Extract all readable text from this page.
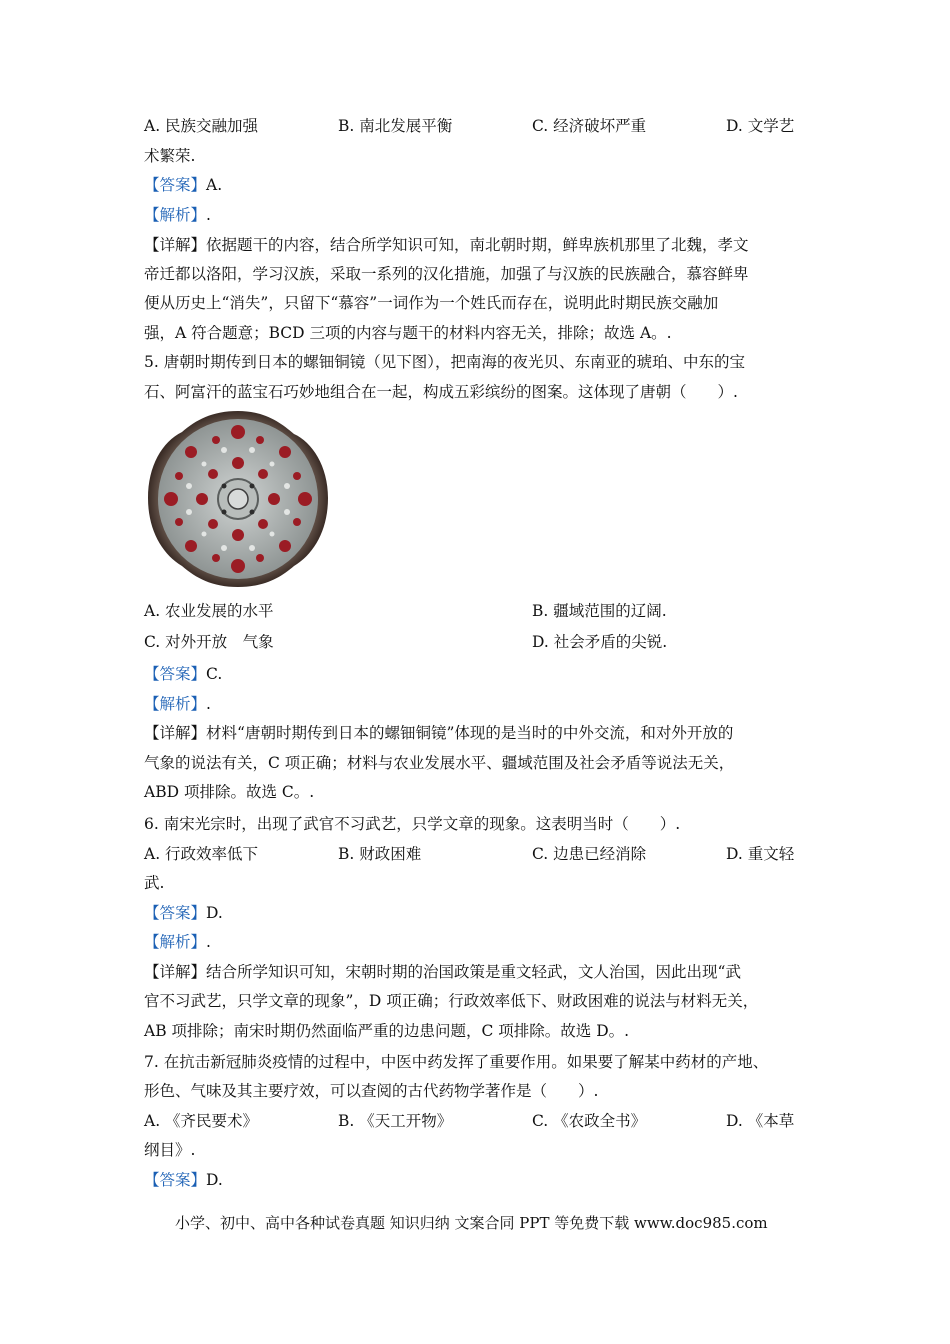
A. 民族交融加强	B. 南北发展平衡	C. 经济破坏严重	D. 文学艺
术繁荣.
【答案】A.
【解析】.
【详解】依据题干的内容，结合所学知识可知，南北朝时期，鲜卑族机那里了北魏，孝文
帝迁都以洛阳，学习汉族，采取一系列的汉化措施，加强了与汉族的民族融合，慕容鲜卑
便从历史上“消失”，只留下“慕容”一词作为一个姓氏而存在，说明此时期民族交融加
强，A 符合题意；BCD 三项的内容与题干的材料内容无关，排除；故选 A。.
5. 唐朝时期传到日本的螺钿铜镜（见下图），把南海的夜光贝、东南亚的琥珀、中东的宝
石、阿富汗的蓝宝石巧妙地组合在一起，构成五彩缤纷的图案。这体现了唐朝（　　）.
A. 农业发展的水平	B. 疆域范围的辽阔.
C. 对外开放　气象	D. 社会矛盾的尖锐.
【答案】C.
【解析】.
【详解】材料“唐朝时期传到日本的螺钿铜镜”体现的是当时的中外交流，和对外开放的
气象的说法有关，C 项正确；材料与农业发展水平、疆域范围及社会矛盾等说法无关，
ABD 项排除。故选 C。.
6. 南宋光宗时，出现了武官不习武艺，只学文章的现象。这表明当时（　　）.
A. 行政效率低下	B. 财政困难	C. 边患已经消除	D. 重文轻
武.
【答案】D.
【解析】.
【详解】结合所学知识可知，宋朝时期的治国政策是重文轻武，文人治国，因此出现“武
官不习武艺，只学文章的现象”，D 项正确；行政效率低下、财政困难的说法与材料无关，
AB 项排除；南宋时期仍然面临严重的边患问题，C 项排除。故选 D。.
7. 在抗击新冠肺炎疫情的过程中，中医中药发挥了重要作用。如果要了解某中药材的产地、
形色、气味及其主要疗效，可以查阅的古代药物学著作是（　　）.
A. 《齐民要术》	B. 《天工开物》	C. 《农政全书》	D. 《本草
纲目》.
【答案】D.
小学、初中、高中各种试卷真题 知识归纳 文案合同 PPT 等免费下载 www.doc985.com
